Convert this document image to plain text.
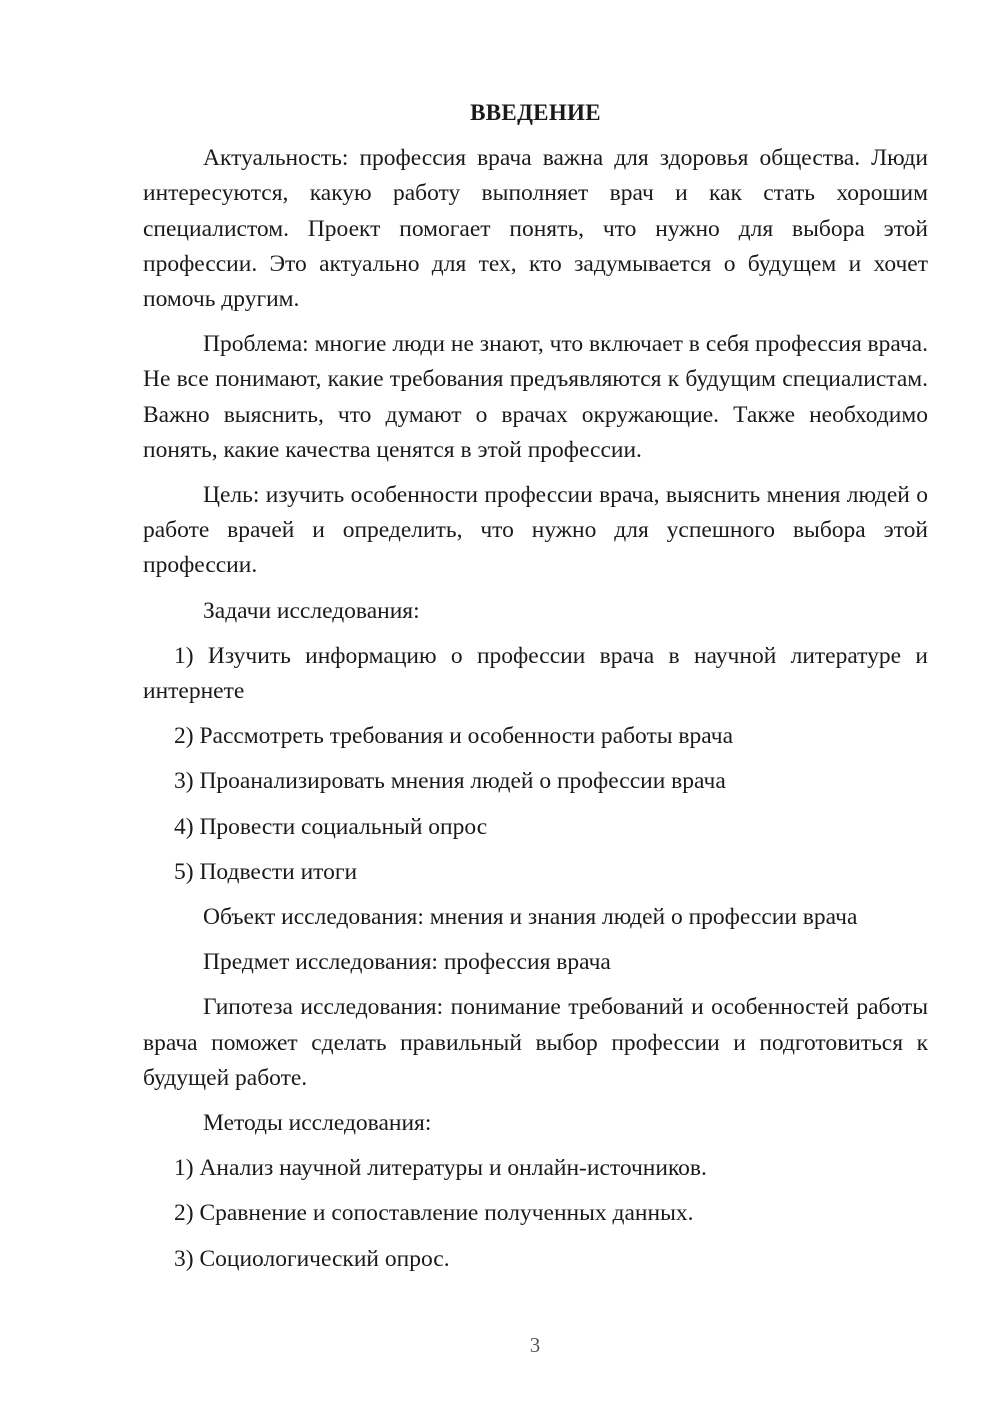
ВВЕДЕНИЕ
Актуальность: профессия врача важна для здоровья общества. Люди интересуются, какую работу выполняет врач и как стать хорошим специалистом. Проект помогает понять, что нужно для выбора этой профессии. Это актуально для тех, кто задумывается о будущем и хочет помочь другим.
Проблема: многие люди не знают, что включает в себя профессия врача. Не все понимают, какие требования предъявляются к будущим специалистам. Важно выяснить, что думают о врачах окружающие. Также необходимо понять, какие качества ценятся в этой профессии.
Цель: изучить особенности профессии врача, выяснить мнения людей о работе врачей и определить, что нужно для успешного выбора этой профессии.
Задачи исследования:
1) Изучить информацию о профессии врача в научной литературе и интернете
2) Рассмотреть требования и особенности работы врача
3) Проанализировать мнения людей о профессии врача
4) Провести социальный опрос
5) Подвести итоги
Объект исследования: мнения и знания людей о профессии врача
Предмет исследования: профессия врача
Гипотеза исследования: понимание требований и особенностей работы врача поможет сделать правильный выбор профессии и подготовиться к будущей работе.
Методы исследования:
1) Анализ научной литературы и онлайн-источников.
2) Сравнение и сопоставление полученных данных.
3) Социологический опрос.
3
